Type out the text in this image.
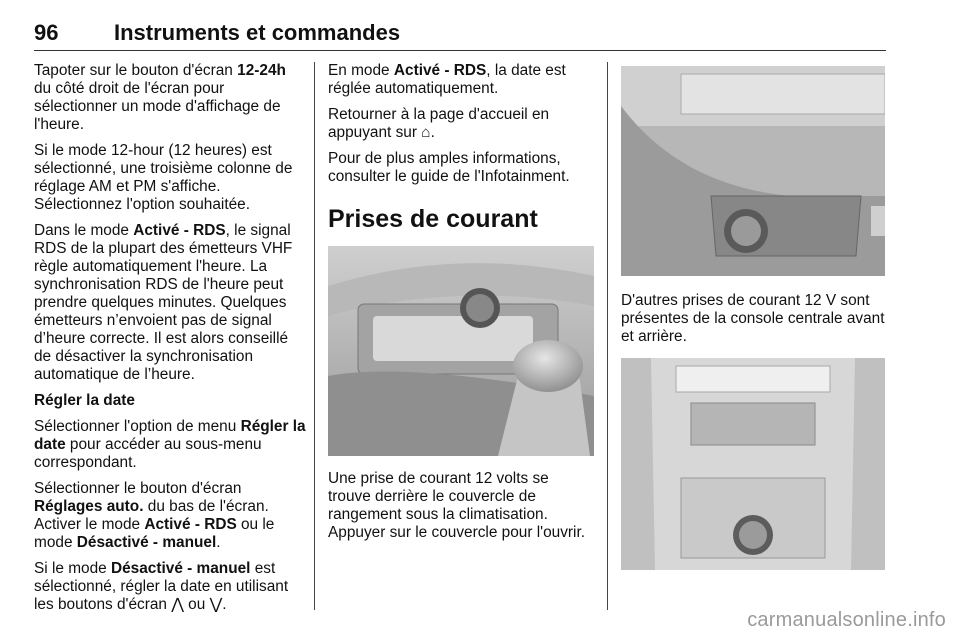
96	Instruments et commandes

Tapoter sur le bouton d'écran 12-24h du côté droit de l'écran pour sélectionner un mode d'affichage de l'heure.

Si le mode 12-hour (12 heures) est sélectionné, une troisième colonne de réglage AM et PM s'affiche. Sélectionnez l'option souhaitée.

Dans le mode Activé - RDS, le signal RDS de la plupart des émetteurs VHF règle automatiquement l'heure. La synchronisation RDS de l'heure peut prendre quelques minutes. Quelques émetteurs n’envoient pas de signal d’heure correcte. Il est alors conseillé de désactiver la synchronisation automatique de l’heure.

Régler la date

Sélectionner l'option de menu Régler la date pour accéder au sous-menu correspondant.

Sélectionner le bouton d'écran Réglages auto. du bas de l'écran. Activer le mode Activé - RDS ou le mode Désactivé - manuel.

Si le mode Désactivé - manuel est sélectionné, régler la date en utilisant les boutons d'écran ⋀ ou ⋁.

En mode Activé - RDS, la date est réglée automatiquement.

Retourner à la page d'accueil en appuyant sur ⌂.

Pour de plus amples informations, consulter le guide de l'Infotainment.

Prises de courant

Une prise de courant 12 volts se trouve derrière le couvercle de rangement sous la climatisation. Appuyer sur le couvercle pour l'ouvrir.

D'autres prises de courant 12 V sont présentes de la console centrale avant et arrière.

carmanualsonline.info
